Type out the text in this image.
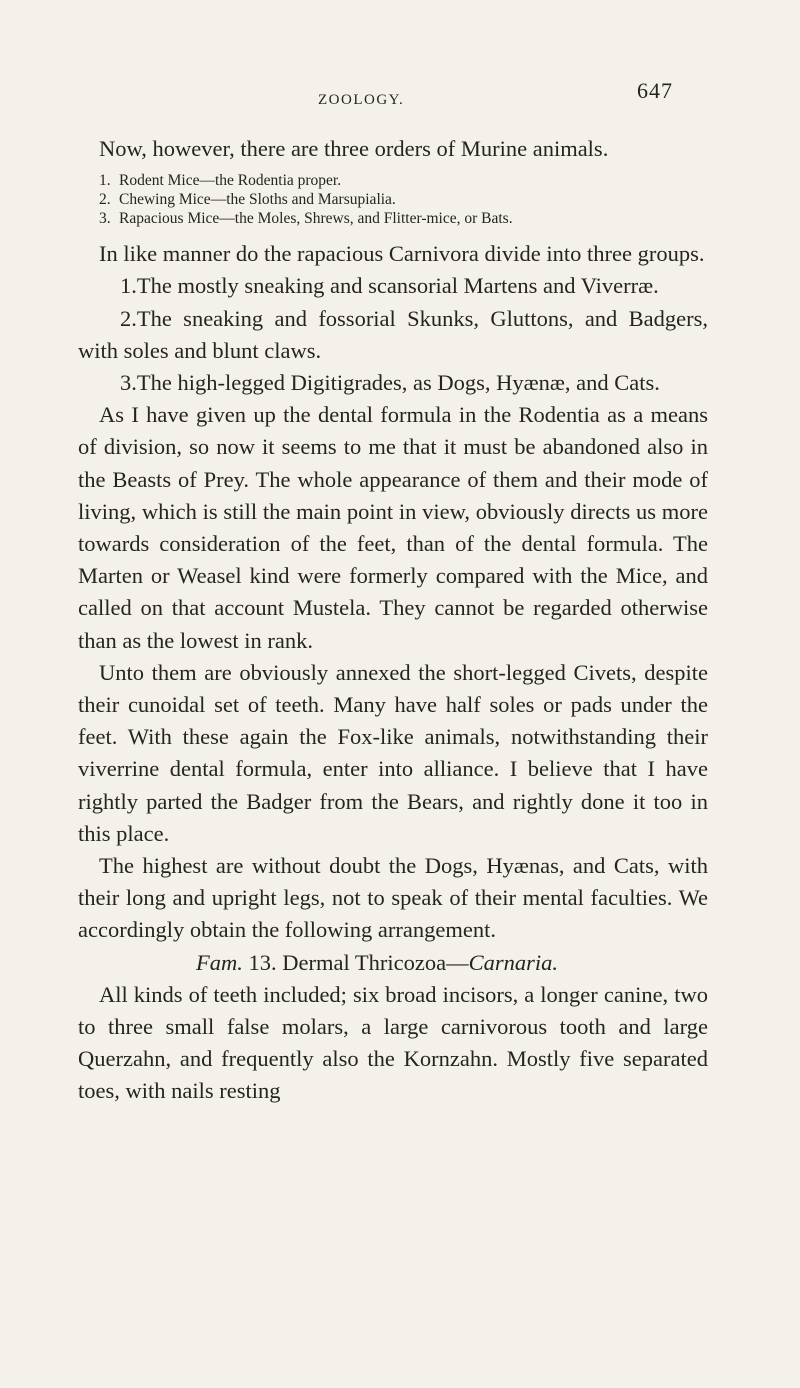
ZOOLOGY.	647

Now, however, there are three orders of Murine animals.

1. Rodent Mice—the Rodentia proper.
2. Chewing Mice—the Sloths and Marsupialia.
3. Rapacious Mice—the Moles, Shrews, and Flitter-mice, or Bats.

In like manner do the rapacious Carnivora divide into three groups.

1.The mostly sneaking and scansorial Martens and Viverræ.

2.The sneaking and fossorial Skunks, Gluttons, and Badgers, with soles and blunt claws.

3.The high-legged Digitigrades, as Dogs, Hyænæ, and Cats.

As I have given up the dental formula in the Rodentia as a means of division, so now it seems to me that it must be abandoned also in the Beasts of Prey. The whole appearance of them and their mode of living, which is still the main point in view, obviously directs us more towards consideration of the feet, than of the dental formula. The Marten or Weasel kind were formerly compared with the Mice, and called on that account Mustela. They cannot be regarded otherwise than as the lowest in rank.

Unto them are obviously annexed the short-legged Civets, despite their cunoidal set of teeth. Many have half soles or pads under the feet. With these again the Fox-like animals, notwithstanding their viverrine dental formula, enter into alliance. I believe that I have rightly parted the Badger from the Bears, and rightly done it too in this place.

The highest are without doubt the Dogs, Hyænas, and Cats, with their long and upright legs, not to speak of their mental faculties. We accordingly obtain the following arrangement.

Fam. 13. Dermal Thricozoa—Carnaria.

All kinds of teeth included; six broad incisors, a longer canine, two to three small false molars, a large carnivorous tooth and large Querzahn, and frequently also the Kornzahn. Mostly five separated toes, with nails resting
